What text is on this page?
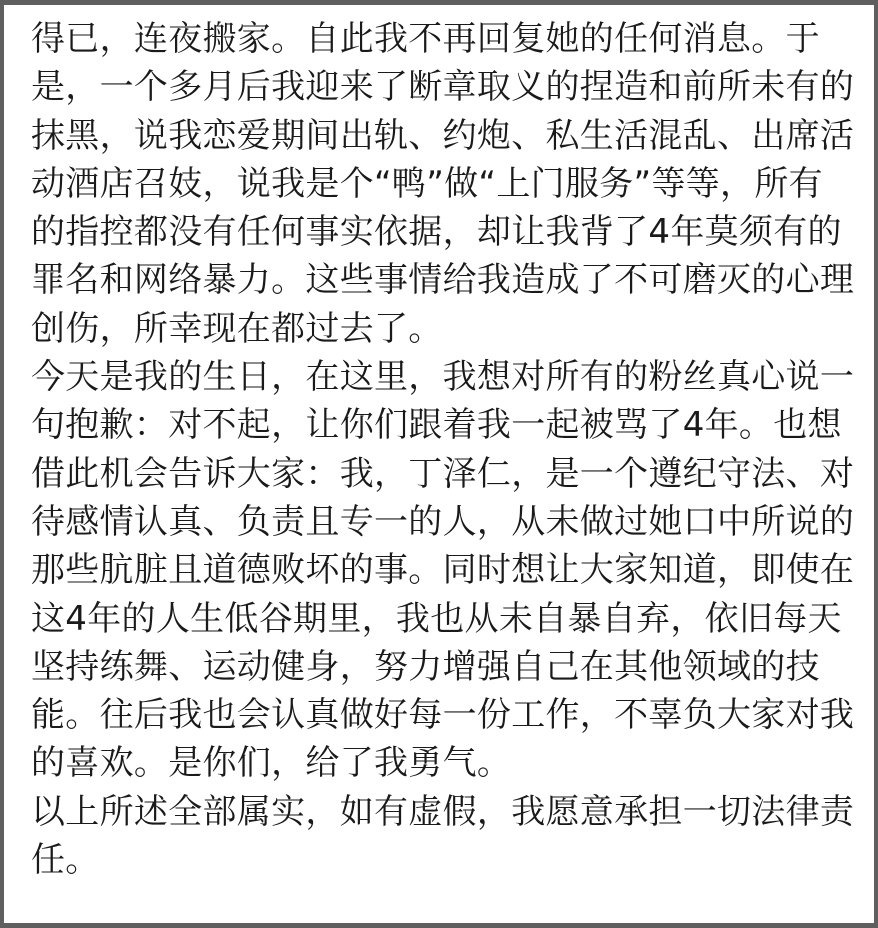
得已，连夜搬家。自此我不再回复她的任何消息。于
是，一个多月后我迎来了断章取义的捏造和前所未有的
抹黑，说我恋爱期间出轨、约炮、私生活混乱、出席活
动酒店召妓，说我是个“鸭”做“上门服务”等等，所有
的指控都没有任何事实依据，却让我背了4年莫须有的
罪名和网络暴力。这些事情给我造成了不可磨灭的心理
创伤，所幸现在都过去了。

今天是我的生日，在这里，我想对所有的粉丝真心说一
句抱歉：对不起，让你们跟着我一起被骂了4年。也想
借此机会告诉大家：我，丁泽仁，是一个遵纪守法、对
待感情认真、负责且专一的人，从未做过她口中所说的
那些肮脏且道德败坏的事。同时想让大家知道，即使在
这4年的人生低谷期里，我也从未自暴自弃，依旧每天
坚持练舞、运动健身，努力增强自己在其他领域的技
能。往后我也会认真做好每一份工作，不辜负大家对我
的喜欢。是你们，给了我勇气。

以上所述全部属实，如有虚假，我愿意承担一切法律责
任。
